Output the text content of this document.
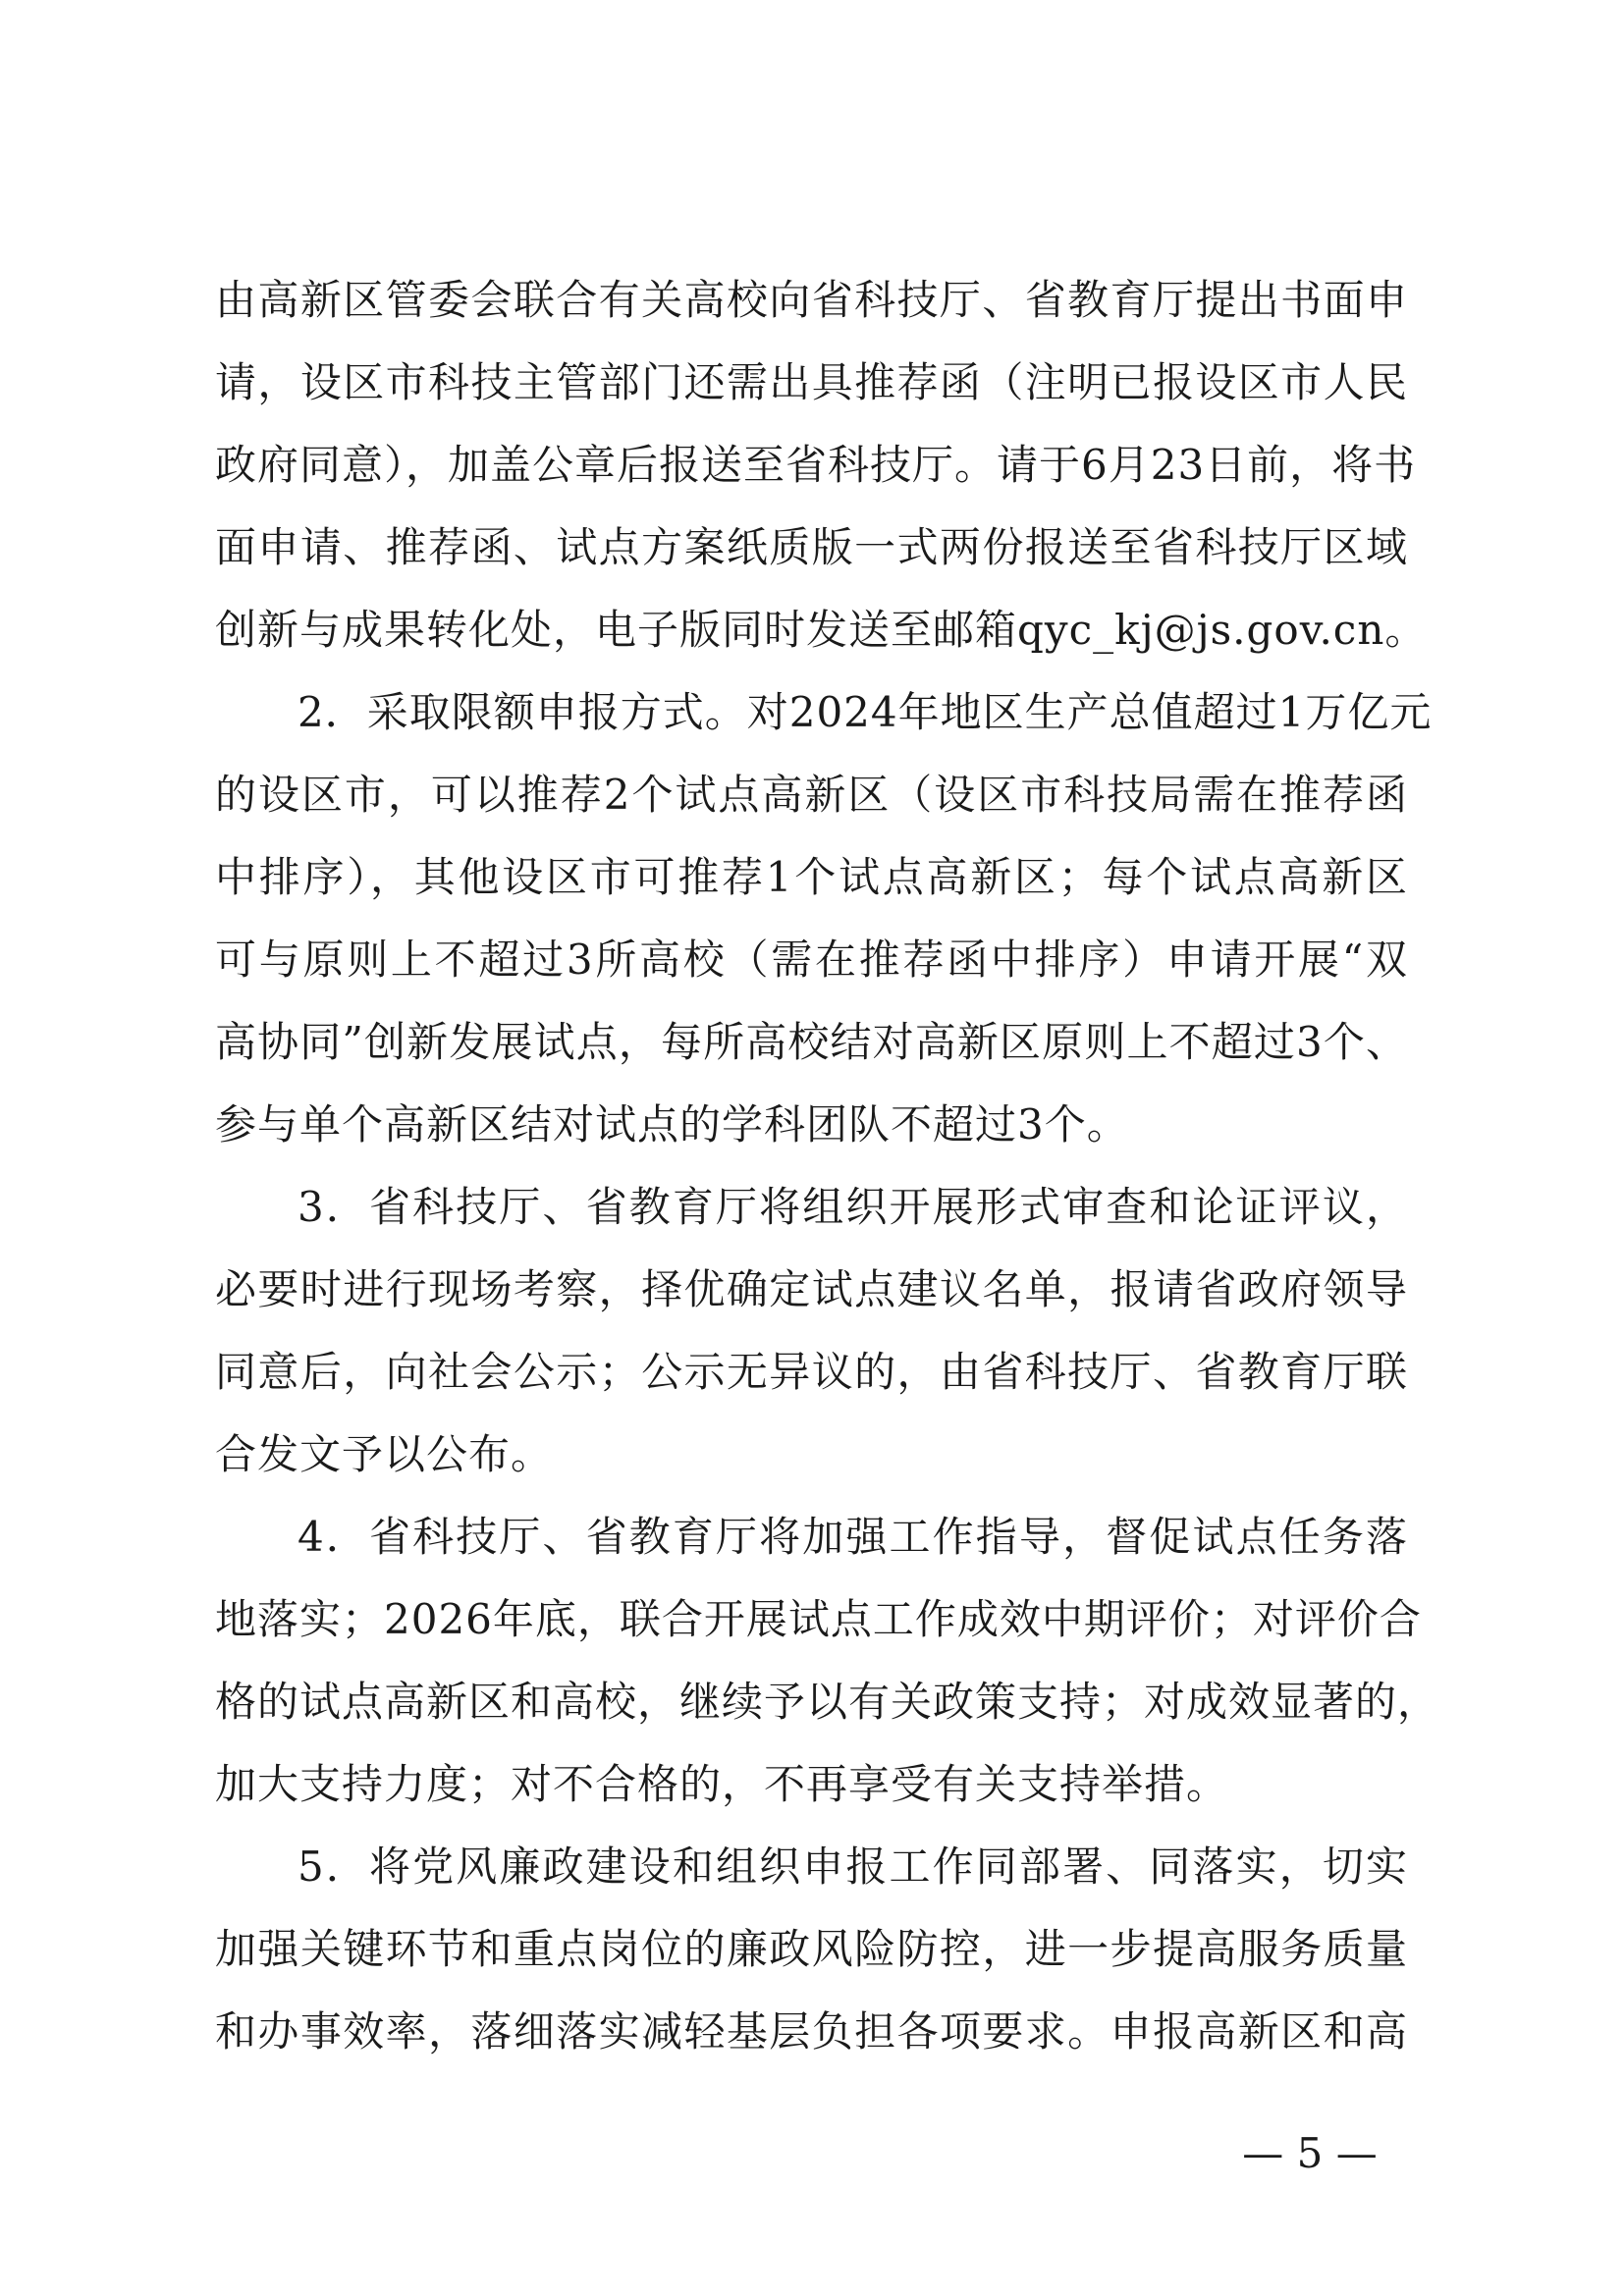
由高新区管委会联合有关高校向省科技厅、省教育厅提出书面申
请，设区市科技主管部门还需出具推荐函（注明已报设区市人民
政府同意），加盖公章后报送至省科技厅。请于6月23日前，将书
面申请、推荐函、试点方案纸质版一式两份报送至省科技厅区域
创新与成果转化处，电子版同时发送至邮箱qyc_kj@js.gov.cn。
2．采取限额申报方式。对2024年地区生产总值超过1万亿元
的设区市，可以推荐2个试点高新区（设区市科技局需在推荐函
中排序），其他设区市可推荐1个试点高新区；每个试点高新区
可与原则上不超过3所高校（需在推荐函中排序）申请开展“双
高协同”创新发展试点，每所高校结对高新区原则上不超过3个、
参与单个高新区结对试点的学科团队不超过3个。
3．省科技厅、省教育厅将组织开展形式审查和论证评议，
必要时进行现场考察，择优确定试点建议名单，报请省政府领导
同意后，向社会公示；公示无异议的，由省科技厅、省教育厅联
合发文予以公布。
4．省科技厅、省教育厅将加强工作指导，督促试点任务落
地落实；2026年底，联合开展试点工作成效中期评价；对评价合
格的试点高新区和高校，继续予以有关政策支持；对成效显著的，
加大支持力度；对不合格的，不再享受有关支持举措。
5．将党风廉政建设和组织申报工作同部署、同落实，切实
加强关键环节和重点岗位的廉政风险防控，进一步提高服务质量
和办事效率，落细落实减轻基层负担各项要求。申报高新区和高
— 5 —
